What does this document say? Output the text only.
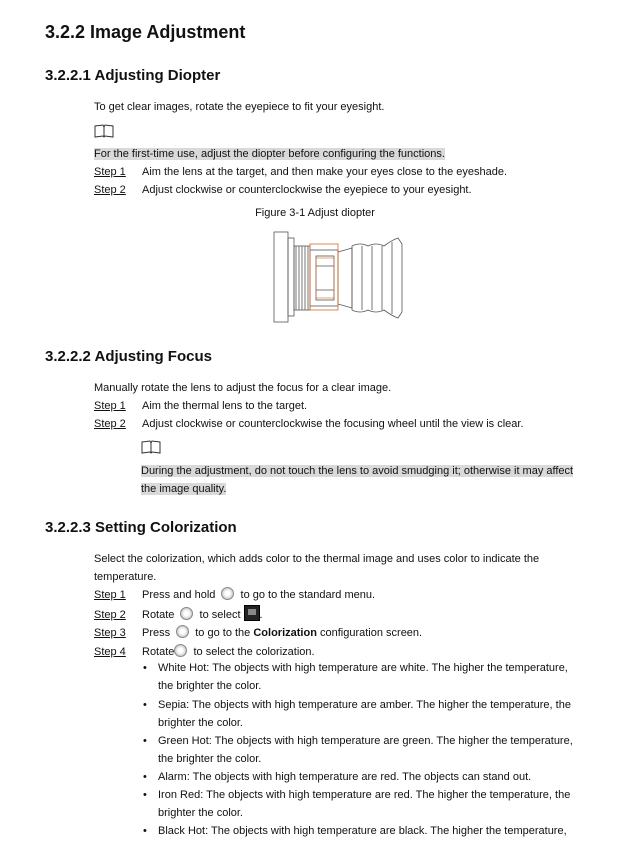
3.2.2 Image Adjustment
3.2.2.1 Adjusting Diopter
To get clear images, rotate the eyepiece to fit your eyesight.
For the first-time use, adjust the diopter before configuring the functions.
Step 1 Aim the lens at the target, and then make your eyes close to the eyeshade.
Step 2 Adjust clockwise or counterclockwise the eyepiece to your eyesight.
Figure 3-1 Adjust diopter
3.2.2.2 Adjusting Focus
Manually rotate the lens to adjust the focus for a clear image.
Step 1 Aim the thermal lens to the target.
Step 2 Adjust clockwise or counterclockwise the focusing wheel until the view is clear.
During the adjustment, do not touch the lens to avoid smudging it; otherwise it may affect
the image quality.
3.2.2.3 Setting Colorization
Select the colorization, which adds color to the thermal image and uses color to indicate the
temperature.
Step 1 Press and hold to go to the standard menu.
Step 2 Rotate to select .
Step 3 Press to go to the Colorization configuration screen.
Step 4 Rotate to select the colorization.
• White Hot: The objects with high temperature are white. The higher the temperature, the brighter the color.
• Sepia: The objects with high temperature are amber. The higher the temperature, the brighter the color.
• Green Hot: The objects with high temperature are green. The higher the temperature, the brighter the color.
• Alarm: The objects with high temperature are red. The objects can stand out.
• Iron Red: The objects with high temperature are red. The higher the temperature, the brighter the color.
• Black Hot: The objects with high temperature are black. The higher the temperature,
